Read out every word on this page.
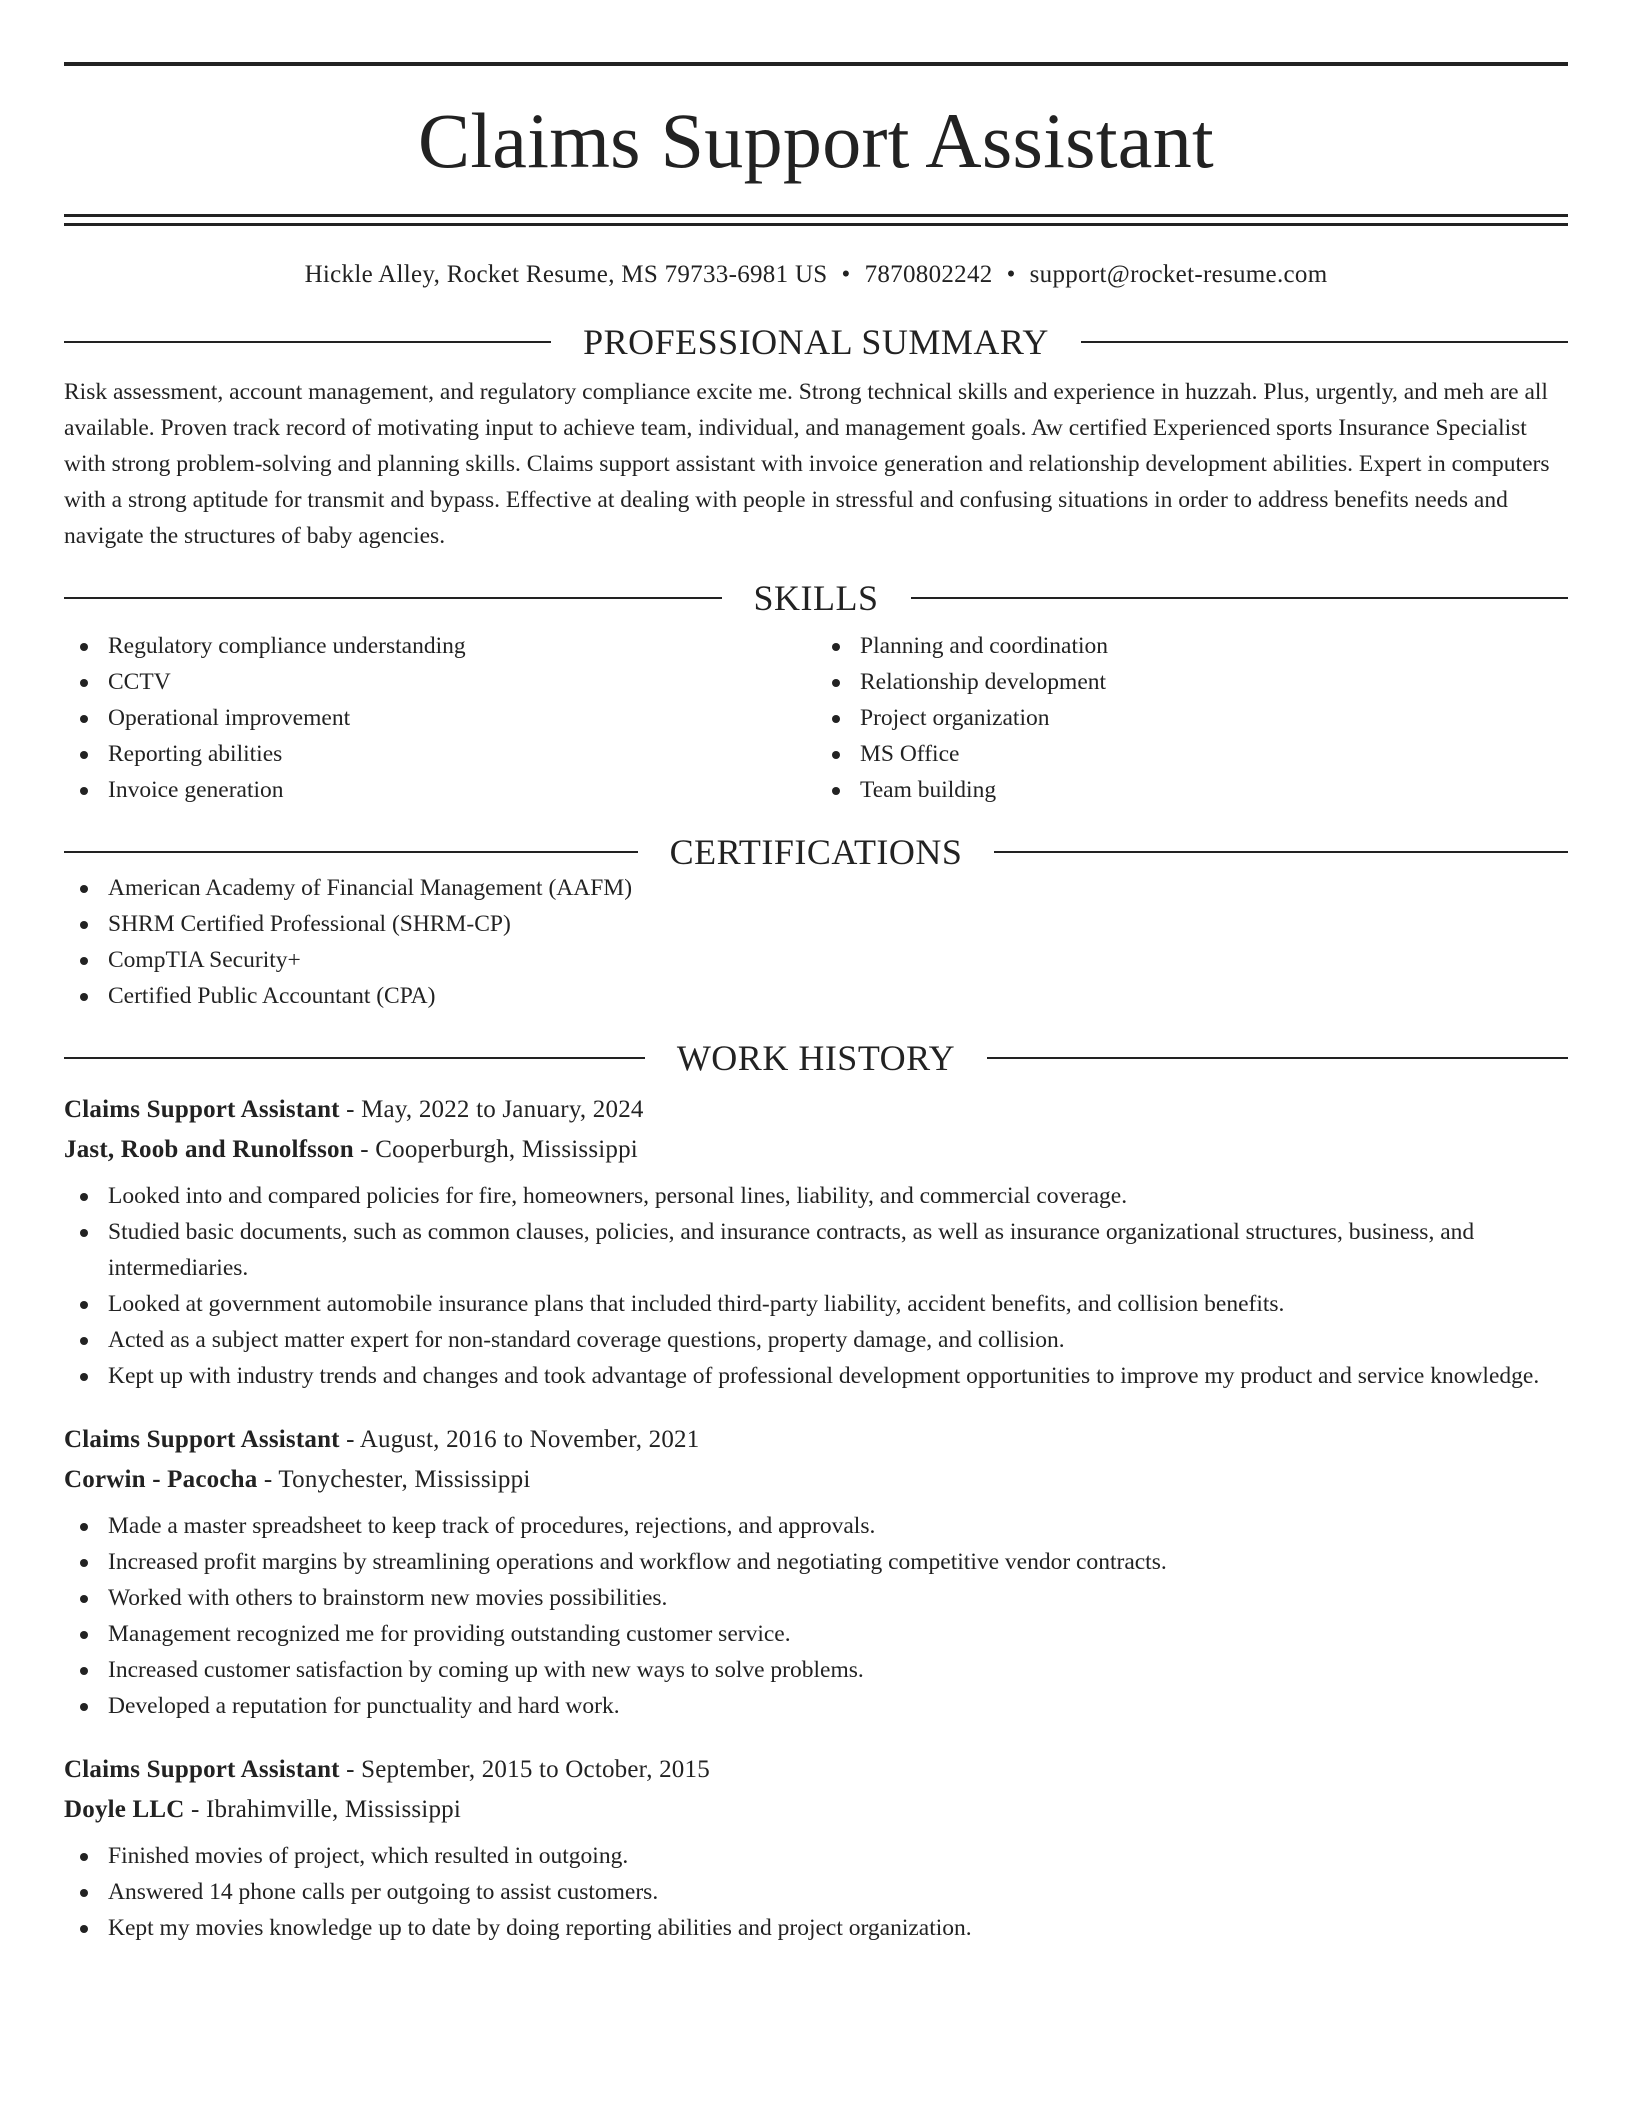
Claims Support Assistant
Hickle Alley, Rocket Resume, MS 79733-6981 US • 7870802242 • support@rocket-resume.com
PROFESSIONAL SUMMARY

Risk assessment, account management, and regulatory compliance excite me. Strong technical skills and experience in huzzah. Plus, urgently, and meh are all available. Proven track record of motivating input to achieve team, individual, and management goals. Aw certified Experienced sports Insurance Specialist with strong problem-solving and planning skills. Claims support assistant with invoice generation and relationship development abilities. Expert in computers with a strong aptitude for transmit and bypass. Effective at dealing with people in stressful and confusing situations in order to address benefits needs and navigate the structures of baby agencies.

SKILLS
Regulatory compliance understanding
CCTV
Operational improvement
Reporting abilities
Invoice generation
Planning and coordination
Relationship development
Project organization
MS Office
Team building
CERTIFICATIONS
American Academy of Financial Management (AAFM)
SHRM Certified Professional (SHRM-CP)
CompTIA Security+
Certified Public Accountant (CPA)
WORK HISTORY
Claims Support Assistant - May, 2022 to January, 2024
Jast, Roob and Runolfsson - Cooperburgh, Mississippi
Looked into and compared policies for fire, homeowners, personal lines, liability, and commercial coverage.
Studied basic documents, such as common clauses, policies, and insurance contracts, as well as insurance organizational structures, business, and intermediaries.
Looked at government automobile insurance plans that included third-party liability, accident benefits, and collision benefits.
Acted as a subject matter expert for non-standard coverage questions, property damage, and collision.
Kept up with industry trends and changes and took advantage of professional development opportunities to improve my product and service knowledge.
Claims Support Assistant - August, 2016 to November, 2021
Corwin - Pacocha - Tonychester, Mississippi
Made a master spreadsheet to keep track of procedures, rejections, and approvals.
Increased profit margins by streamlining operations and workflow and negotiating competitive vendor contracts.
Worked with others to brainstorm new movies possibilities.
Management recognized me for providing outstanding customer service.
Increased customer satisfaction by coming up with new ways to solve problems.
Developed a reputation for punctuality and hard work.
Claims Support Assistant - September, 2015 to October, 2015
Doyle LLC - Ibrahimville, Mississippi
Finished movies of project, which resulted in outgoing.
Answered 14 phone calls per outgoing to assist customers.
Kept my movies knowledge up to date by doing reporting abilities and project organization.
